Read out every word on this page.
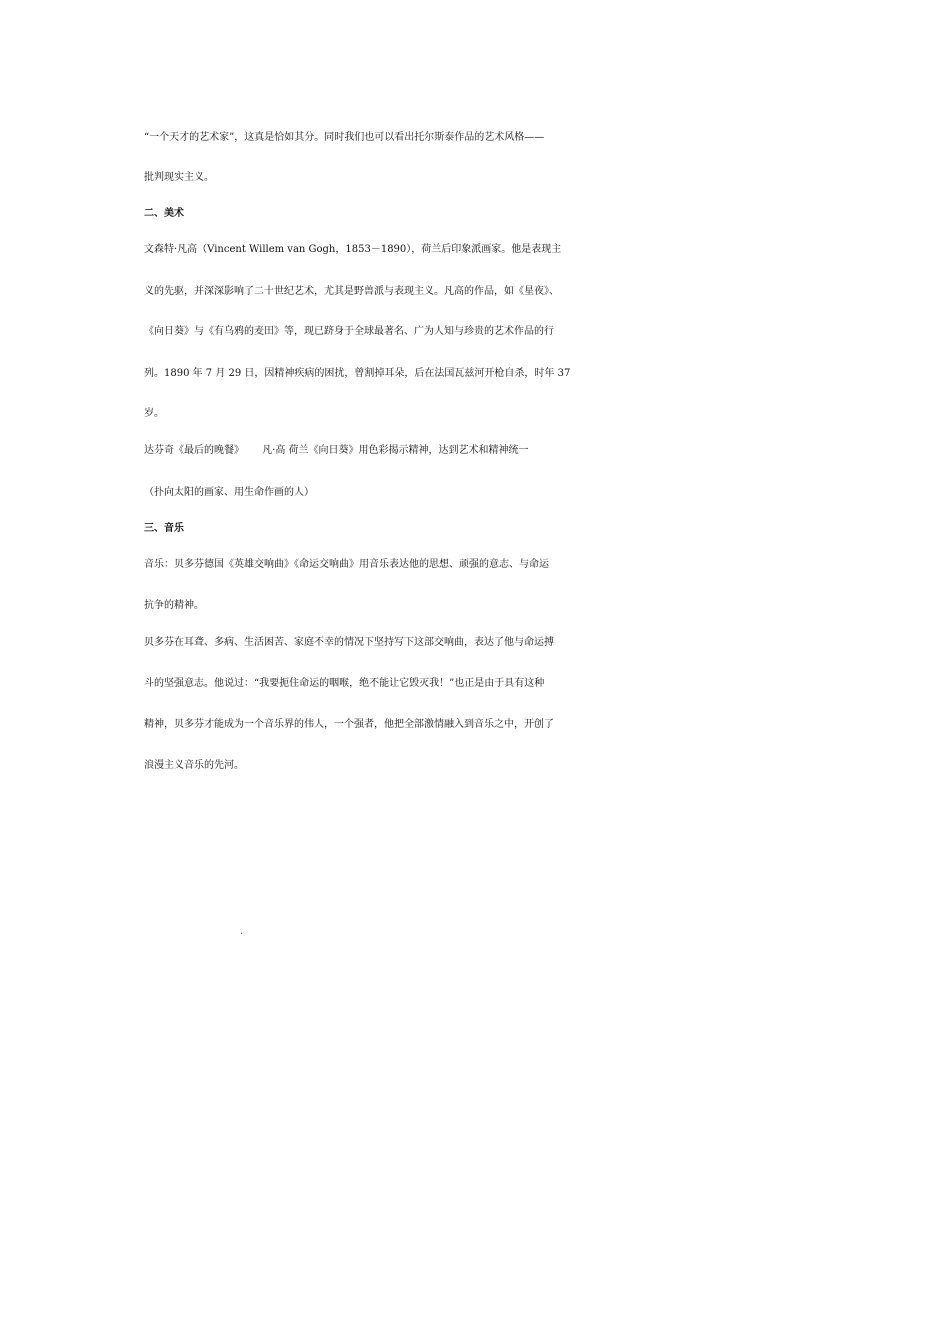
“一个天才的艺术家”，这真是恰如其分。同时我们也可以看出托尔斯泰作品的艺术风格——
批判现实主义。
二、美术
文森特·凡高（Vincent Willem van Gogh，1853－1890），荷兰后印象派画家。他是表现主
义的先驱，并深深影响了二十世纪艺术，尤其是野兽派与表现主义。凡高的作品，如《星夜》、
《向日葵》与《有乌鸦的麦田》等，现已跻身于全球最著名、广为人知与珍贵的艺术作品的行
列。1890 年 7 月 29 日，因精神疾病的困扰，曾割掉耳朵，后在法国瓦兹河开枪自杀，时年 37
岁。
达芬奇《最后的晚餐》　　 凡·高 荷兰《向日葵》用色彩揭示精神，达到艺术和精神统一
（扑向太阳的画家、用生命作画的人）
三、音乐
音乐：贝多芬德国《英雄交响曲》《命运交响曲》用音乐表达他的思想、顽强的意志、与命运
抗争的精神。
贝多芬在耳聋、多病、生活困苦、家庭不幸的情况下坚持写下这部交响曲，表达了他与命运搏
斗的坚强意志。他说过：“我要扼住命运的咽喉，绝不能让它毁灭我！”也正是由于具有这种
精神，贝多芬才能成为一个音乐界的伟人，一个强者，他把全部激情融入到音乐之中，开创了
浪漫主义音乐的先河。
.
